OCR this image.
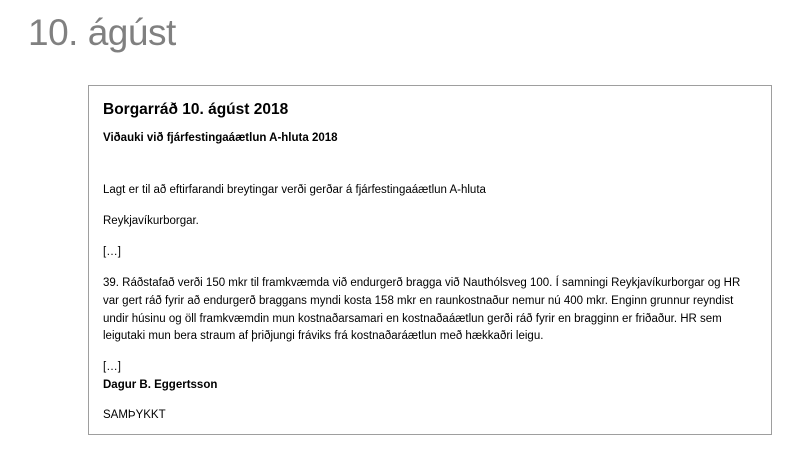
10. ágúst
Borgarráð 10. ágúst 2018
Viðauki við fjárfestingaáætlun A-hluta 2018
Lagt er til að eftirfarandi breytingar verði gerðar á fjárfestingaáætlun A-hluta
Reykjavíkurborgar.
[…]
39. Ráðstafað verði 150 mkr til framkvæmda við endurgerð bragga við Nauthólsveg 100. Í samningi Reykjavíkurborgar og HR var gert ráð fyrir að endurgerð braggans myndi kosta 158 mkr en raunkostnaður nemur nú 400 mkr. Enginn grunnur reyndist undir húsinu og öll framkvæmdin mun kostnaðarsamari en kostnaðaáætlun gerði ráð fyrir en bragginn er friðaður. HR sem leigutaki mun bera straum af þriðjungi fráviks frá kostnaðaráætlun með hækkaðri leigu.
[…]
Dagur B. Eggertsson
SAMÞYKKT
